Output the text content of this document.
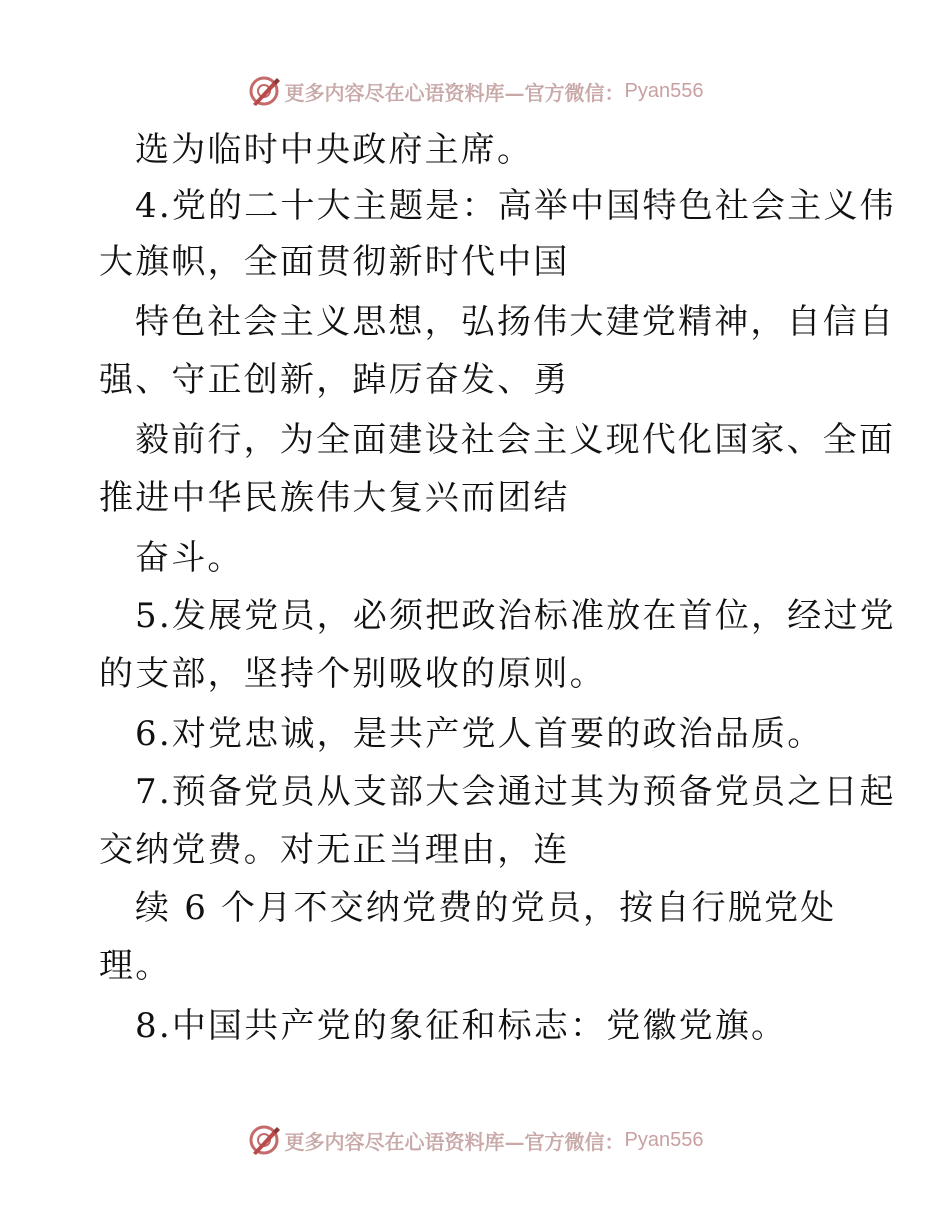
更多内容尽在心语资料库—官方微信： Pyan556
选为临时中央政府主席。
4.党的二十大主题是：高举中国特色社会主义伟
大旗帜，全面贯彻新时代中国
特色社会主义思想，弘扬伟大建党精神，自信自
强、守正创新，踔厉奋发、勇
毅前行，为全面建设社会主义现代化国家、全面
推进中华民族伟大复兴而团结
奋斗。
5.发展党员，必须把政治标准放在首位，经过党
的支部，坚持个别吸收的原则。
6.对党忠诚，是共产党人首要的政治品质。
7.预备党员从支部大会通过其为预备党员之日起
交纳党费。对无正当理由，连
续 6 个月不交纳党费的党员，按自行脱党处
理。
8.中国共产党的象征和标志：党徽党旗。
更多内容尽在心语资料库—官方微信： Pyan556
